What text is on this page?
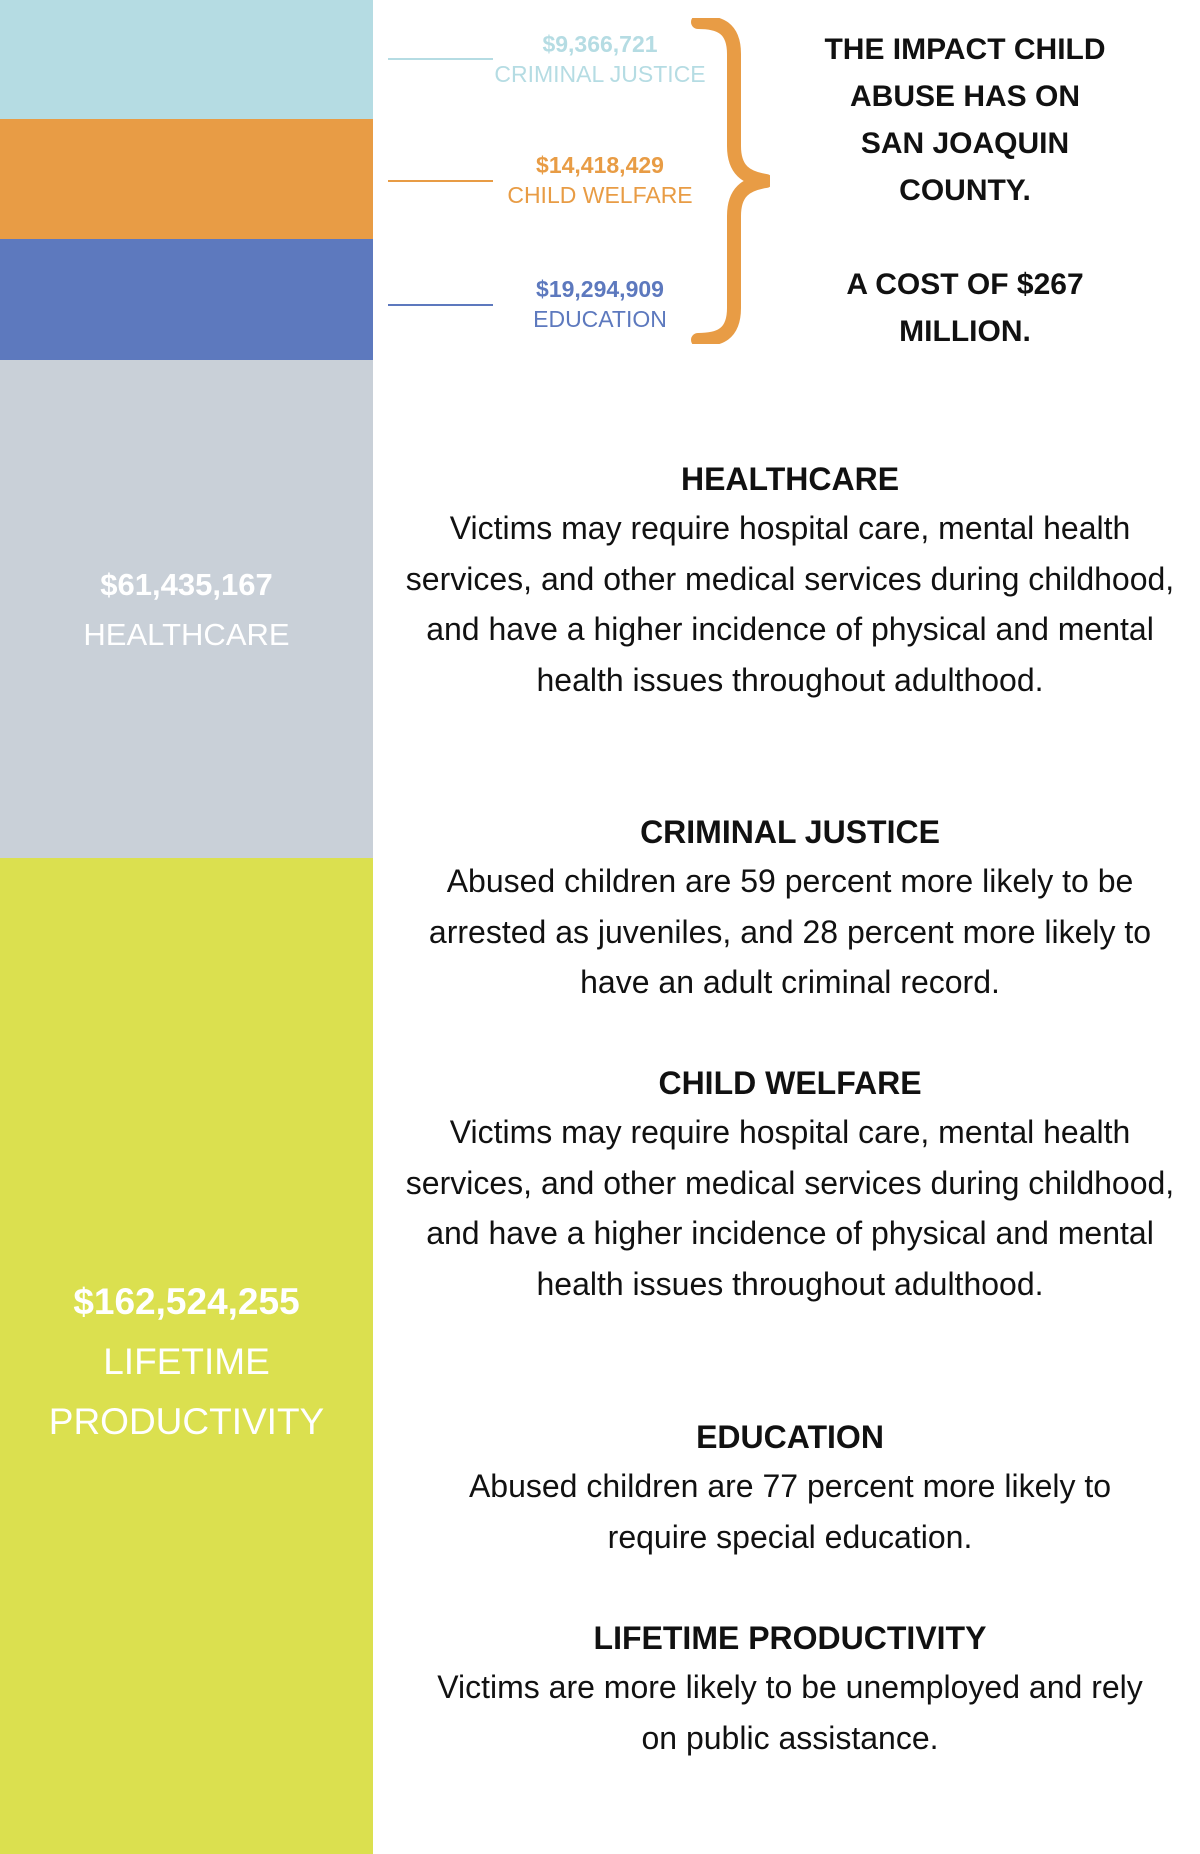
$61,435,167
HEALTHCARE
$162,524,255
LIFETIME PRODUCTIVITY
$9,366,721
CRIMINAL JUSTICE
$14,418,429
CHILD WELFARE
$19,294,909
EDUCATION
THE IMPACT CHILD
ABUSE HAS ON
SAN JOAQUIN
COUNTY.
A COST OF $267
MILLION.
HEALTHCARE

Victims may require hospital care, mental health services, and other medical services during childhood, and have a higher incidence of physical and mental health issues throughout adulthood.

CRIMINAL JUSTICE

Abused children are 59 percent more likely to be arrested as juveniles, and 28 percent more likely to have an adult criminal record.

CHILD WELFARE

Victims may require hospital care, mental health services, and other medical services during childhood, and have a higher incidence of physical and mental health issues throughout adulthood.

EDUCATION

Abused children are 77 percent more likely to require special education.

LIFETIME PRODUCTIVITY

Victims are more likely to be unemployed and rely on public assistance.
